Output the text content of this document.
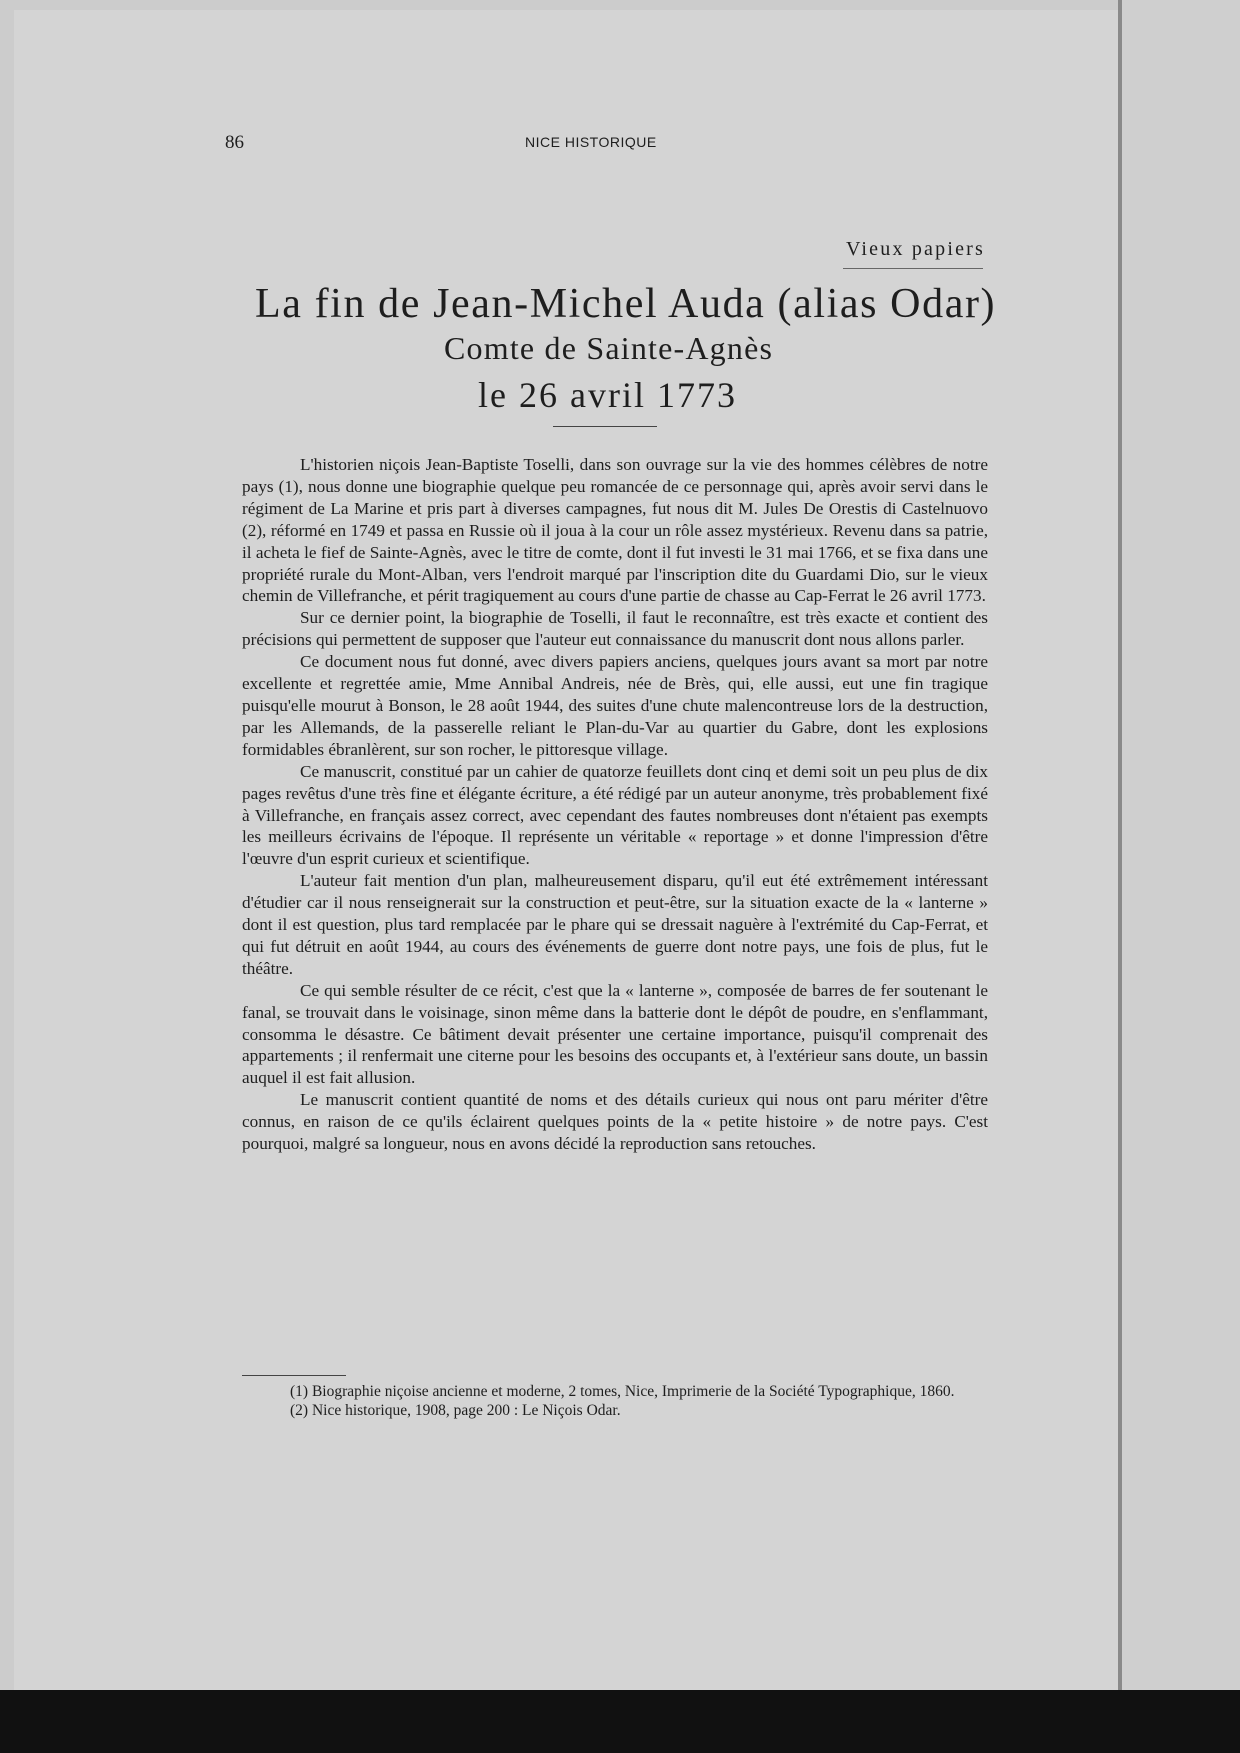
86	NICE HISTORIQUE
Vieux papiers
La fin de Jean-Michel Auda (alias Odar)
Comte de Sainte-Agnès
le 26 avril 1773

L'historien niçois Jean-Baptiste Toselli, dans son ouvrage sur la vie des hommes célèbres de notre pays (1), nous donne une biographie quelque peu romancée de ce personnage qui, après avoir servi dans le régiment de La Marine et pris part à diverses campagnes, fut nous dit M. Jules De Orestis di Castelnuovo (2), réformé en 1749 et passa en Russie où il joua à la cour un rôle assez mystérieux. Revenu dans sa patrie, il acheta le fief de Sainte-Agnès, avec le titre de comte, dont il fut investi le 31 mai 1766, et se fixa dans une propriété rurale du Mont-Alban, vers l'endroit marqué par l'inscription dite du Guardami Dio, sur le vieux chemin de Villefranche, et périt tragiquement au cours d'une partie de chasse au Cap-Ferrat le 26 avril 1773.

Sur ce dernier point, la biographie de Toselli, il faut le reconnaître, est très exacte et contient des précisions qui permettent de supposer que l'auteur eut connaissance du manuscrit dont nous allons parler.

Ce document nous fut donné, avec divers papiers anciens, quelques jours avant sa mort par notre excellente et regrettée amie, Mme Annibal Andreis, née de Brès, qui, elle aussi, eut une fin tragique puisqu'elle mourut à Bonson, le 28 août 1944, des suites d'une chute malencontreuse lors de la destruction, par les Allemands, de la passerelle reliant le Plan-du-Var au quartier du Gabre, dont les explosions formidables ébranlèrent, sur son rocher, le pittoresque village.

Ce manuscrit, constitué par un cahier de quatorze feuillets dont cinq et demi soit un peu plus de dix pages revêtus d'une très fine et élégante écriture, a été rédigé par un auteur anonyme, très probablement fixé à Villefranche, en français assez correct, avec cependant des fautes nombreuses dont n'étaient pas exempts les meilleurs écrivains de l'époque. Il représente un véritable « reportage » et donne l'impression d'être l'œuvre d'un esprit curieux et scientifique.

L'auteur fait mention d'un plan, malheureusement disparu, qu'il eut été extrêmement intéressant d'étudier car il nous renseignerait sur la construction et peut-être, sur la situation exacte de la « lanterne » dont il est question, plus tard remplacée par le phare qui se dressait naguère à l'extrémité du Cap-Ferrat, et qui fut détruit en août 1944, au cours des événements de guerre dont notre pays, une fois de plus, fut le théâtre.

Ce qui semble résulter de ce récit, c'est que la « lanterne », composée de barres de fer soutenant le fanal, se trouvait dans le voisinage, sinon même dans la batterie dont le dépôt de poudre, en s'enflammant, consomma le désastre. Ce bâtiment devait présenter une certaine importance, puisqu'il comprenait des appartements ; il renfermait une citerne pour les besoins des occupants et, à l'extérieur sans doute, un bassin auquel il est fait allusion.

Le manuscrit contient quantité de noms et des détails curieux qui nous ont paru mériter d'être connus, en raison de ce qu'ils éclairent quelques points de la « petite histoire » de notre pays. C'est pourquoi, malgré sa longueur, nous en avons décidé la reproduction sans retouches.

(1) Biographie niçoise ancienne et moderne, 2 tomes, Nice, Imprimerie de la Société Typographique, 1860.

(2) Nice historique, 1908, page 200 : Le Niçois Odar.
